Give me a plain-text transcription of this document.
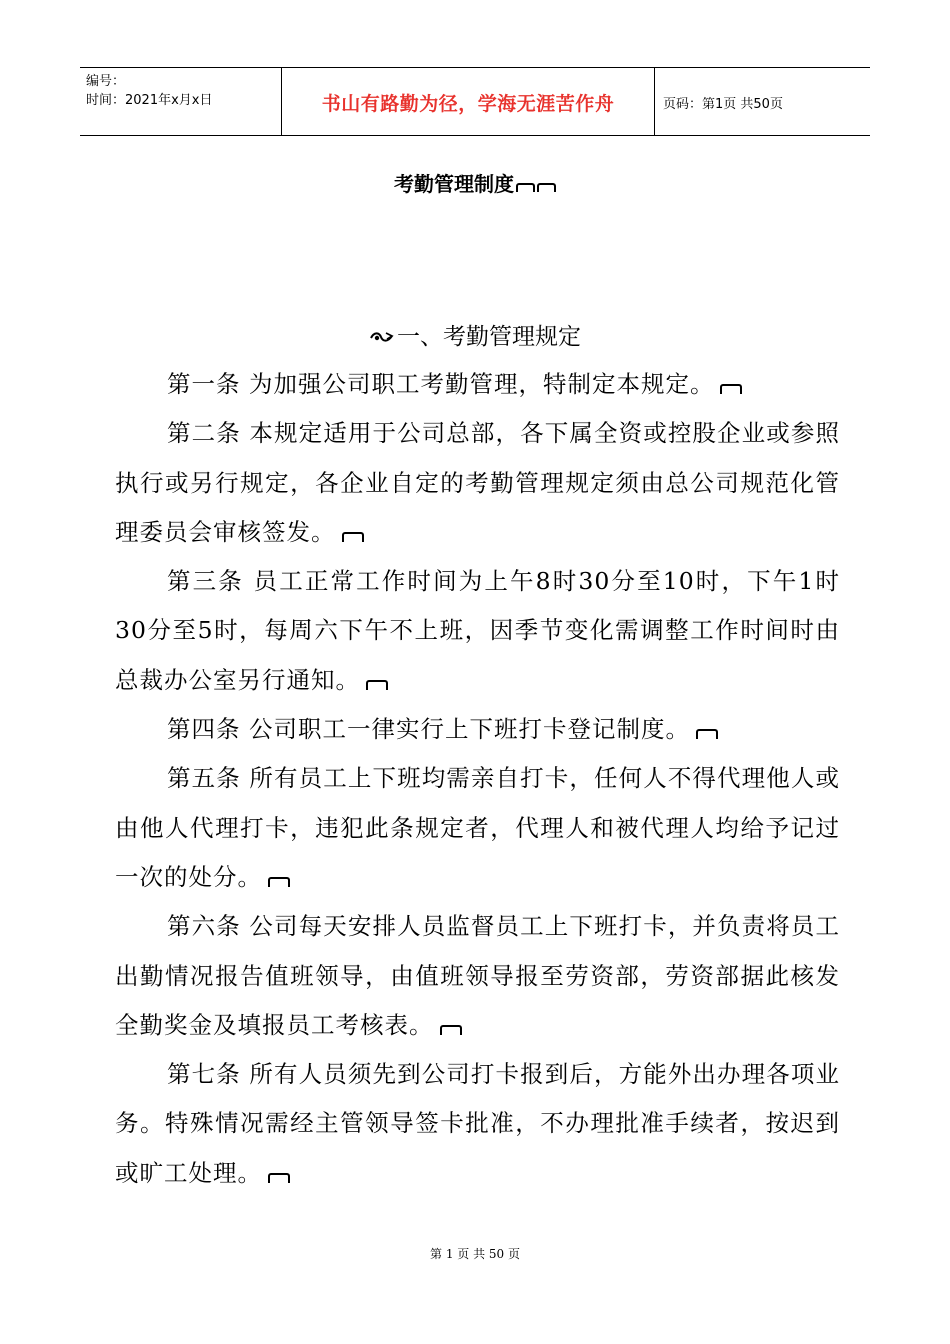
编号：
时间：2021年x月x日	书山有路勤为径，学海无涯苦作舟	页码：第1页 共50页
考勤管理制度
一、考勤管理规定

第一条 为加强公司职工考勤管理，特制定本规定。

第二条 本规定适用于公司总部，各下属全资或控股企业或参照执行或另行规定，各企业自定的考勤管理规定须由总公司规范化管理委员会审核签发。

第三条 员工正常工作时间为上午8时30分至10时，下午1时30分至5时，每周六下午不上班，因季节变化需调整工作时间时由总裁办公室另行通知。

第四条 公司职工一律实行上下班打卡登记制度。

第五条 所有员工上下班均需亲自打卡，任何人不得代理他人或由他人代理打卡，违犯此条规定者，代理人和被代理人均给予记过一次的处分。

第六条 公司每天安排人员监督员工上下班打卡，并负责将员工出勤情况报告值班领导，由值班领导报至劳资部，劳资部据此核发全勤奖金及填报员工考核表。

第七条 所有人员须先到公司打卡报到后，方能外出办理各项业务。特殊情况需经主管领导签卡批准，不办理批准手续者，按迟到或旷工处理。

第 1 页 共 50 页
